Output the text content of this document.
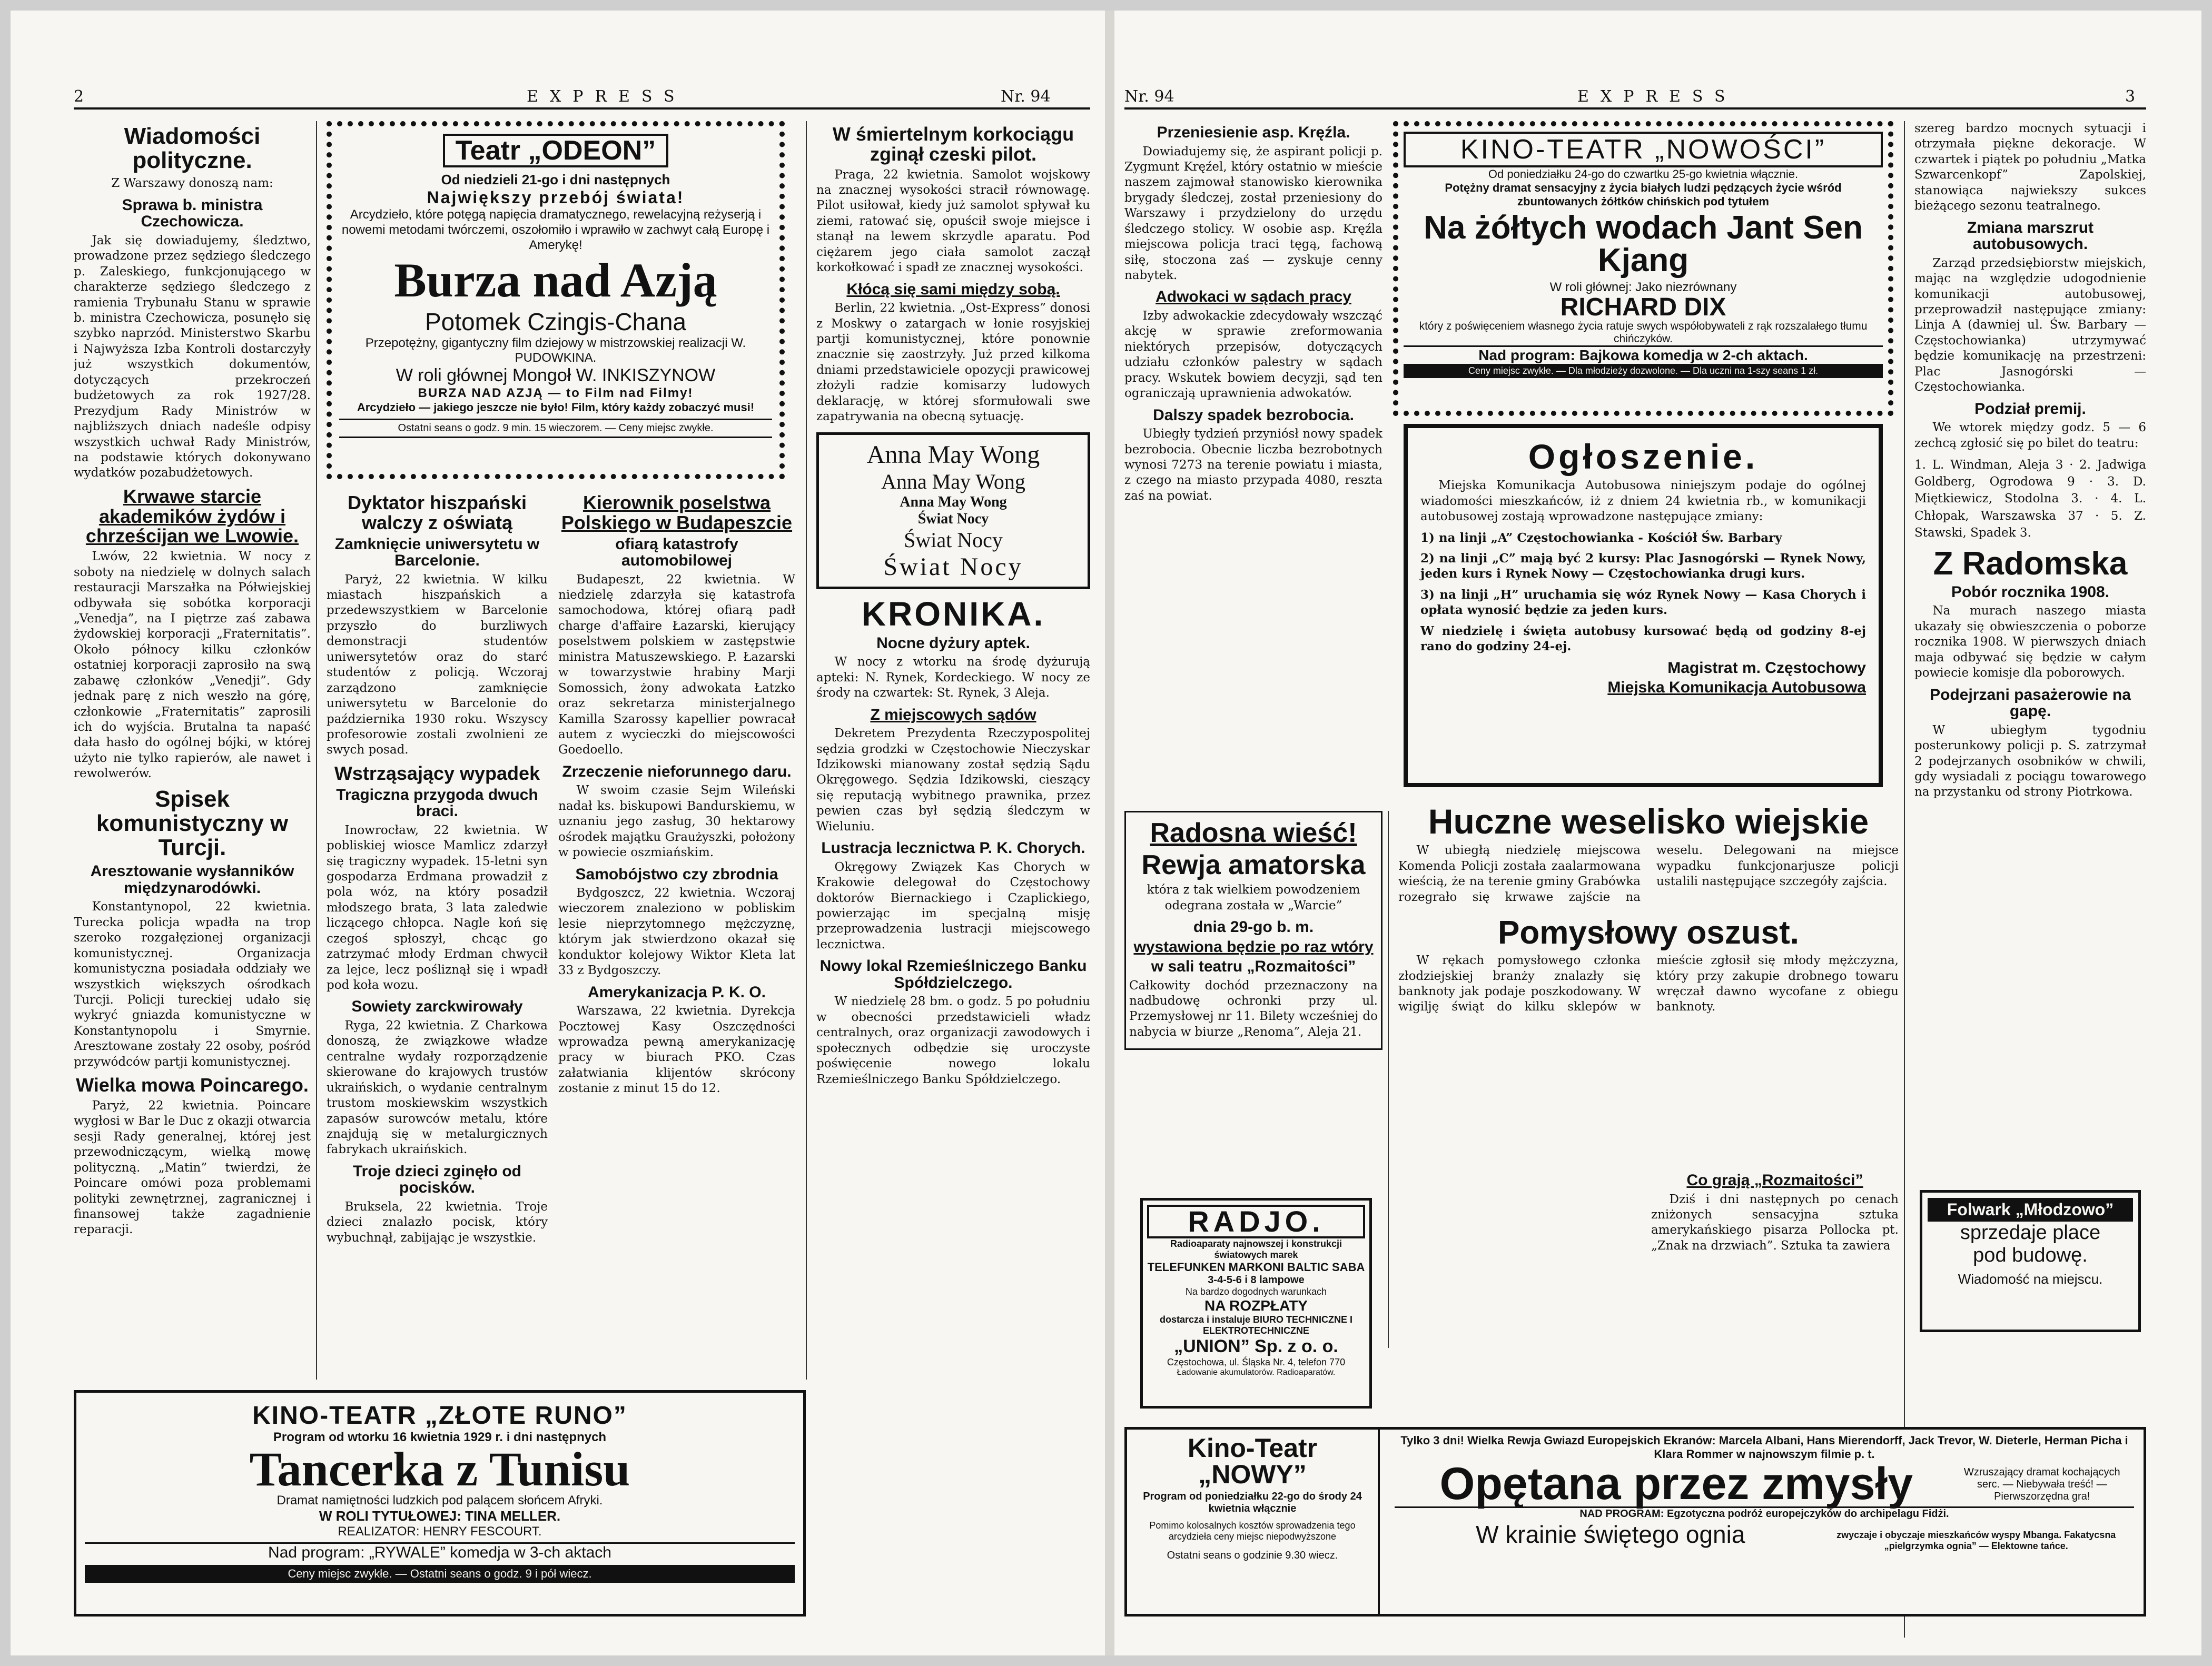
2	EXPRESS	Nr. 94
Wiadomości polityczne.
Z Warszawy donoszą nam:
Sprawa b. ministra Czechowicza.

Jak się dowiadujemy, śledztwo, prowadzone przez sędziego śledczego p. Zaleskiego, funkcjonującego w charakterze sędziego śledczego z ramienia Trybunału Stanu w sprawie b. ministra Czechowicza, posunęło się szybko naprzód. Ministerstwo Skarbu i Najwyższa Izba Kontroli dostarczyły już wszystkich dokumentów, dotyczących przekroczeń budżetowych za rok 1927/28. Prezydjum Rady Ministrów w najbliższych dniach nadeśle odpisy wszystkich uchwał Rady Ministrów, na podstawie których dokonywano wydatków pozabudżetowych.

Krwawe starcie akademików żydów i chrześcijan we Lwowie.

Lwów, 22 kwietnia. W nocy z soboty na niedzielę w dolnych salach restauracji Marszałka na Półwiejskiej odbywała się sobótka korporacji „Venedja”, na I piętrze zaś zabawa żydowskiej korporacji „Fraternitatis”. Około północy kilku członków ostatniej korporacji zaprosiło na swą zabawę członków „Venedji”. Gdy jednak parę z nich weszło na górę, członkowie „Fraternitatis” zaprosili ich do wyjścia. Brutalna ta napaść dała hasło do ogólnej bójki, w której użyto nie tylko rapierów, ale nawet i rewolwerów.

Spisek komunistyczny w Turcji.
Aresztowanie wysłanników międzynarodówki.

Konstantynopol, 22 kwietnia. Turecka policja wpadła na trop szeroko rozgałęzionej organizacji komunistycznej. Organizacja komunistyczna posiadała oddziały we wszystkich większych ośrodkach Turcji. Policji tureckiej udało się wykryć gniazda komunistyczne w Konstantynopolu i Smyrnie. Aresztowane zostały 22 osoby, pośród przywódców partji komunistycznej.

Wielka mowa Poincarego.

Paryż, 22 kwietnia. Poincare wygłosi w Bar le Duc z okazji otwarcia sesji Rady generalnej, której jest przewodniczącym, wielką mowę polityczną. „Matin” twierdzi, że Poincare omówi poza problemami polityki zewnętrznej, zagranicznej i finansowej także zagadnienie reparacji.

Teatr „ODEON”
Od niedzieli 21-go i dni następnych
Największy przebój świata!
Arcydzieło, które potęgą napięcia dramatycznego, rewelacyjną reżyserją i nowemi metodami twórczemi, oszołomiło i wprawiło w zachwyt całą Europę i Amerykę!
Burza nad Azją
Potomek Czingis-Chana
Przepotężny, gigantyczny film dziejowy w mistrzowskiej realizacji W. PUDOWKINA.
W roli głównej Mongoł W. INKISZYNOW
BURZA NAD AZJĄ — to Film nad Filmy!
Arcydzieło — jakiego jeszcze nie było! Film, który każdy zobaczyć musi!
Ostatni seans o godz. 9 min. 15 wieczorem. — Ceny miejsc zwykłe.
Dyktator hiszpański walczy z oświatą
Zamknięcie uniwersytetu w Barcelonie.

Paryż, 22 kwietnia. W kilku miastach hiszpańskich a przedewszystkiem w Barcelonie przyszło do burzliwych demonstracji studentów uniwersytetów oraz do starć studentów z policją. Wczoraj zarządzono zamknięcie uniwersytetu w Barcelonie do października 1930 roku. Wszyscy profesorowie zostali zwolnieni ze swych posad.

Wstrząsający wypadek
Tragiczna przygoda dwuch braci.

Inowrocław, 22 kwietnia. W pobliskiej wiosce Mamlicz zdarzył się tragiczny wypadek. 15-letni syn gospodarza Erdmana prowadził z pola wóz, na który posadził młodszego brata, 3 lata zaledwie liczącego chłopca. Nagle koń się czegoś spłoszył, chcąc go zatrzymać młody Erdman chwycił za lejce, lecz pośliznął się i wpadł pod koła wozu.

Sowiety zarckwirowały

Ryga, 22 kwietnia. Z Charkowa donoszą, że związkowe władze centralne wydały rozporządzenie skierowane do krajowych trustów ukraińskich, o wydanie centralnym trustom moskiewskim wszystkich zapasów surowców metalu, które znajdują się w metalurgicznych fabrykach ukraińskich.

Troje dzieci zginęło od pocisków.

Bruksela, 22 kwietnia. Troje dzieci znalazło pocisk, który wybuchnął, zabijając je wszystkie.

Kierownik poselstwa Polskiego w Budapeszcie
ofiarą katastrofy automobilowej

Budapeszt, 22 kwietnia. W niedzielę zdarzyła się katastrofa samochodowa, której ofiarą padł charge d'affaire Łazarski, kierujący poselstwem polskiem w zastępstwie ministra Matuszewskiego. P. Łazarski w towarzystwie hrabiny Marji Somossich, żony adwokata Łatzko oraz sekretarza ministerjalnego Kamilla Szarossy kapellier powracał autem z wycieczki do miejscowości Goedoello.

Zrzeczenie nieforunnego daru.

W swoim czasie Sejm Wileński nadał ks. biskupowi Bandurskiemu, w uznaniu jego zasług, 30 hektarowy ośrodek majątku Graużyszki, położony w powiecie oszmiańskim.

Samobójstwo czy zbrodnia

Bydgoszcz, 22 kwietnia. Wczoraj wieczorem znaleziono w pobliskim lesie nieprzytomnego mężczyznę, którym jak stwierdzono okazał się konduktor kolejowy Wiktor Kleta lat 33 z Bydgoszczy.

Amerykanizacja P. K. O.

Warszawa, 22 kwietnia. Dyrekcja Pocztowej Kasy Oszczędności wprowadza pewną amerykanizację pracy w biurach PKO. Czas załatwiania klijentów skrócony zostanie z minut 15 do 12.

W śmiertelnym korkociągu zginął czeski pilot.

Praga, 22 kwietnia. Samolot wojskowy na znacznej wysokości stracił równowagę. Pilot usiłował, kiedy już samolot spływał ku ziemi, ratować się, opuścił swoje miejsce i stanął na lewem skrzydle aparatu. Pod ciężarem jego ciała samolot zaczął korkołkować i spadł ze znacznej wysokości.

Kłócą się sami między sobą.

Berlin, 22 kwietnia. „Ost-Express” donosi z Moskwy o zatargach w łonie rosyjskiej partji komunistycznej, które ponownie znacznie się zaostrzyły. Już przed kilkoma dniami przedstawiciele opozycji prawicowej złożyli radzie komisarzy ludowych deklarację, w której sformułowali swe zapatrywania na obecną sytuację.

Anna May Wong
Anna May Wong
Anna May Wong
Świat Nocy
Świat Nocy
Świat Nocy
KRONIKA.
Nocne dyżury aptek.

W nocy z wtorku na środę dyżurują apteki: N. Rynek, Kordeckiego. W nocy ze środy na czwartek: St. Rynek, 3 Aleja.

Z miejscowych sądów

Dekretem Prezydenta Rzeczypospolitej sędzia grodzki w Częstochowie Nieczyskar Idzikowski mianowany został sędzią Sądu Okręgowego. Sędzia Idzikowski, cieszący się reputacją wybitnego prawnika, przez pewien czas był sędzią śledczym w Wieluniu.

Lustracja lecznictwa P. K. Chorych.

Okręgowy Związek Kas Chorych w Krakowie delegował do Częstochowy doktorów Biernackiego i Czaplickiego, powierzając im specjalną misję przeprowadzenia lustracji miejscowego lecznictwa.

Nowy lokal Rzemieślniczego Banku Spółdzielczego.

W niedzielę 28 bm. o godz. 5 po południu w obecności przedstawicieli władz centralnych, oraz organizacji zawodowych i społecznych odbędzie się uroczyste poświęcenie nowego lokalu Rzemieślniczego Banku Spółdzielczego.

KINO-TEATR „ZŁOTE RUNO”
Program od wtorku 16 kwietnia 1929 r. i dni następnych
Tancerka z Tunisu
Dramat namiętności ludzkich pod palącem słońcem Afryki.
W ROLI TYTUŁOWEJ: TINA MELLER.
REALIZATOR: HENRY FESCOURT.
Nad program: „RYWALE” komedja w 3-ch aktach
Ceny miejsc zwykłe. — Ostatni seans o godz. 9 i pół wiecz.
Nr. 94	EXPRESS	3
Przeniesienie asp. Kręźla.

Dowiadujemy się, że aspirant policji p. Zygmunt Kręźel, który ostatnio w mieście naszem zajmował stanowisko kierownika brygady śledczej, został przeniesiony do Warszawy i przydzielony do urzędu śledczego stolicy. W osobie asp. Kręźla miejscowa policja traci tęgą, fachową siłę, stoczona zaś — zyskuje cenny nabytek.

Adwokaci w sądach pracy

Izby adwokackie zdecydowały wszcząć akcję w sprawie zreformowania niektórych przepisów, dotyczących udziału członków palestry w sądach pracy. Wskutek bowiem decyzji, sąd ten ograniczają uprawnienia adwokatów.

Dalszy spadek bezrobocia.

Ubiegły tydzień przyniósł nowy spadek bezrobocia. Obecnie liczba bezrobotnych wynosi 7273 na terenie powiatu i miasta, z czego na miasto przypada 4080, reszta zaś na powiat.

KINO-TEATR „NOWOŚCI”
Od poniedziałku 24-go do czwartku 25-go kwietnia włącznie.
Potężny dramat sensacyjny z życia białych ludzi pędzących życie wśród zbuntowanych żółtków chińskich pod tytułem
Na żółtych wodach Jant Sen Kjang
W roli głównej: Jako niezrównany
RICHARD DIX
który z poświęceniem własnego życia ratuje swych współobywateli z rąk rozszalałego tłumu chińczyków.
Nad program: Bajkowa komedja w 2-ch aktach.
Ceny miejsc zwykłe. — Dla młodzieży dozwolone. — Dla uczni na 1-szy seans 1 zł.
Ogłoszenie.

Miejska Komunikacja Autobusowa niniejszym podaje do ogólnej wiadomości mieszkańców, iż z dniem 24 kwietnia rb., w komunikacji autobusowej zostają wprowadzone następujące zmiany:

1) na linji „A” Częstochowianka - Kościół Św. Barbary

2) na linji „C” mają być 2 kursy: Plac Jasnogórski — Rynek Nowy, jeden kurs i Rynek Nowy — Częstochowianka drugi kurs.

3) na linji „H” uruchamia się wóz Rynek Nowy — Kasa Chorych i opłata wynosić będzie za jeden kurs.

W niedzielę i święta autobusy kursować będą od godziny 8-ej rano do godziny 24-ej.

Magistrat m. Częstochowy
Miejska Komunikacja Autobusowa

szereg bardzo mocnych sytuacji i otrzymała piękne dekoracje. W czwartek i piątek po południu „Matka Szwarcenkopf” Zapolskiej, stanowiąca najwiekszy sukces bieżącego sezonu teatralnego.

Zmiana marszrut autobusowych.

Zarząd przedsiębiorstw miejskich, mając na względzie udogodnienie komunikacji autobusowej, przeprowadził następujące zmiany: Linja A (dawniej ul. Św. Barbary — Częstochowianka) utrzymywać będzie komunikację na przestrzeni: Plac Jasnogórski — Częstochowianka.

Podział premij.

We wtorek między godz. 5 — 6 zechcą zgłosić się po bilet do teatru:

1. L. Windman, Aleja 3 · 2. Jadwiga Goldberg, Ogrodowa 9 · 3. D. Miętkiewicz, Stodolna 3. · 4. L. Chłopak, Warszawska 37 · 5. Z. Stawski, Spadek 3.

Z Radomska
Pobór rocznika 1908.

Na murach naszego miasta ukazały się obwieszczenia o poborze rocznika 1908. W pierwszych dniach maja odbywać się będzie w całym powiecie komisje dla poborowych.

Podejrzani pasażerowie na gapę.

W ubiegłym tygodniu posterunkowy policji p. S. zatrzymał 2 podejrzanych osobników w chwili, gdy wysiadali z pociągu towarowego na przystanku od strony Piotrkowa.

Folwark „Młodzowo”
sprzedaje place
pod budowę.
Wiadomość na miejscu.
Radosna wieść!
Rewja amatorska

która z tak wielkiem powodzeniem odegrana została w „Warcie”

dnia 29-go b. m.
wystawiona będzie po raz wtóry
w sali teatru „Rozmaitości”

Całkowity dochód przeznaczony na nadbudowę ochronki przy ul. Przemysłowej nr 11. Bilety wcześniej do nabycia w biurze „Renoma”, Aleja 21.

RADJO.
Radioaparaty najnowszej i konstrukcji światowych marek
TELEFUNKEN MARKONI BALTIC SABA
3-4-5-6 i 8 lampowe
Na bardzo dogodnych warunkach
NA ROZPŁATY
dostarcza i instaluje BIURO TECHNICZNE I ELEKTROTECHNICZNE
„UNION” Sp. z o. o.
Częstochowa, ul. Śląska Nr. 4, telefon 770
Ładowanie akumulatorów. Radioaparatów.
Huczne weselisko wiejskie

W ubiegłą niedzielę miejscowa Komenda Policji została zaalarmowana wieścią, że na terenie gminy Grabówka rozegrało się krwawe zajście na weselu. Delegowani na miejsce wypadku funkcjonarjusze policji ustalili następujące szczegóły zajścia.

Pomysłowy oszust.

W rękach pomysłowego członka złodziejskiej branży znalazły się banknoty jak podaje poszkodowany. W wigilję świąt do kilku sklepów w mieście zgłosił się młody mężczyzna, który przy zakupie drobnego towaru wręczał dawno wycofane z obiegu banknoty.

Co grają „Rozmaitości”

Dziś i dni następnych po cenach zniżonych sensacyjna sztuka amerykańskiego pisarza Pollocka pt. „Znak na drzwiach”. Sztuka ta zawiera

Kino-Teatr „NOWY”
Program od poniedziałku 22-go do środy 24 kwietnia włącznie
Pomimo kolosalnych kosztów sprowadzenia tego arcydzieła ceny miejsc niepodwyższone
Ostatni seans o godzinie 9.30 wiecz.
Tylko 3 dni! Wielka Rewja Gwiazd Europejskich Ekranów: Marcela Albani, Hans Mierendorff, Jack Trevor, W. Dieterle, Herman Picha i Klara Rommer w najnowszym filmie p. t.
Opętana przez zmysły	Wzruszający dramat kochających serc. — Niebywała treść! — Pierwszorzędna gra!
NAD PROGRAM: Egzotyczna podróż europejczyków do archipelagu Fidżi.
W krainie świętego ognia	zwyczaje i obyczaje mieszkańców wyspy Mbanga. Fakatycsna „pielgrzymka ognia” — Elektowne tańce.
